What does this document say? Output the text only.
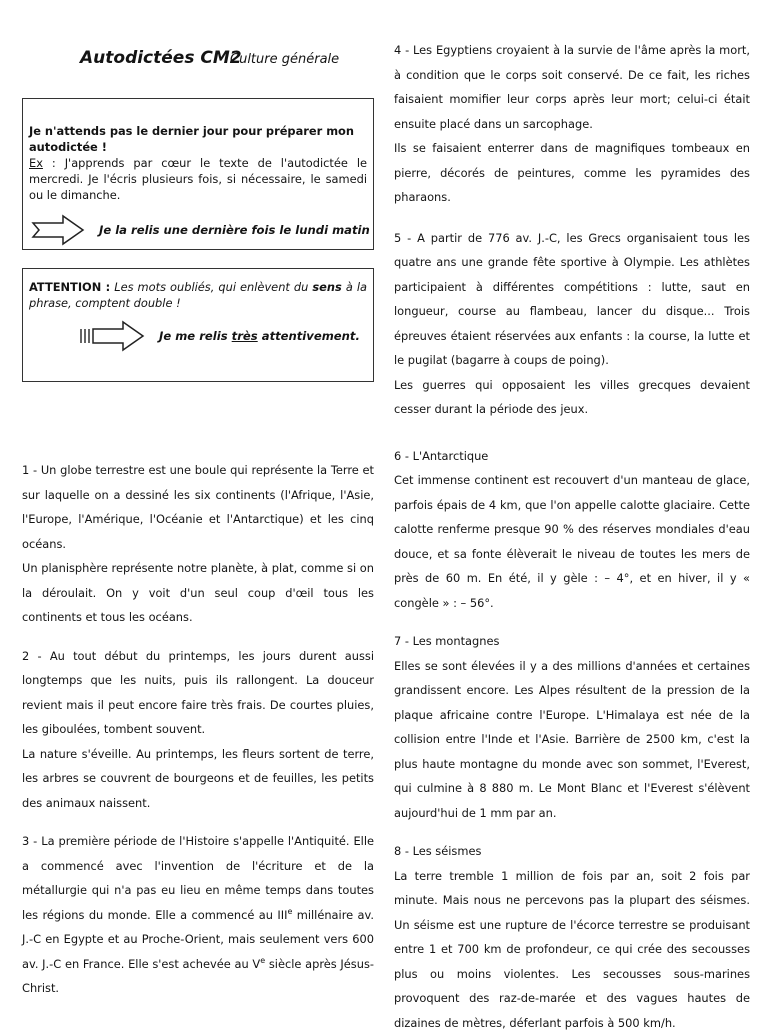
Autodictées CM2
Culture générale
Je n'attends pas le dernier jour pour préparer mon autodictée !
Ex : J'apprends par cœur le texte de l'autodictée le mercredi. Je l'écris plusieurs fois, si nécessaire, le samedi ou le dimanche.
Je la relis une dernière fois le lundi matin
ATTENTION : Les mots oubliés, qui enlèvent du sens à la phrase, comptent double !
Je me relis très attentivement.

1 - Un globe terrestre est une boule qui représente la Terre et sur laquelle on a dessiné les six continents (l'Afrique, l'Asie, l'Europe, l'Amérique, l'Océanie et l'Antarctique) et les cinq océans.

Un planisphère représente notre planète, à plat, comme si on la déroulait. On y voit d'un seul coup d'œil tous les continents et tous les océans.

2 - Au tout début du printemps, les jours durent aussi longtemps que les nuits, puis ils rallongent. La douceur revient mais il peut encore faire très frais. De courtes pluies, les giboulées, tombent souvent.

La nature s'éveille. Au printemps, les fleurs sortent de terre, les arbres se couvrent de bourgeons et de feuilles, les petits des animaux naissent.

3 - La première période de l'Histoire s'appelle l'Antiquité. Elle a commencé avec l'invention de l'écriture et de la métallurgie qui n'a pas eu lieu en même temps dans toutes les régions du monde. Elle a commencé au IIIe millénaire av. J.-C en Egypte et au Proche-Orient, mais seulement vers 600 av. J.-C en France. Elle s'est achevée au Ve siècle après Jésus-Christ.

4 - Les Egyptiens croyaient à la survie de l'âme après la mort, à condition que le corps soit conservé. De ce fait, les riches faisaient momifier leur corps après leur mort; celui-ci était ensuite placé dans un sarcophage.

Ils se faisaient enterrer dans de magnifiques tombeaux en pierre, décorés de peintures, comme les pyramides des pharaons.

5 - A partir de 776 av. J.-C, les Grecs organisaient tous les quatre ans une grande fête sportive à Olympie. Les athlètes participaient à différentes compétitions : lutte, saut en longueur, course au flambeau, lancer du disque... Trois épreuves étaient réservées aux enfants : la course, la lutte et le pugilat (bagarre à coups de poing).

Les guerres qui opposaient les villes grecques devaient cesser durant la période des jeux.

6 - L'Antarctique

Cet immense continent est recouvert d'un manteau de glace, parfois épais de 4 km, que l'on appelle calotte glaciaire. Cette calotte renferme presque 90 % des réserves mondiales d'eau douce, et sa fonte élèverait le niveau de toutes les mers de près de 60 m. En été, il y gèle : – 4°, et en hiver, il y « congèle » : – 56°.

7 - Les montagnes

Elles se sont élevées il y a des millions d'années et certaines grandissent encore. Les Alpes résultent de la pression de la plaque africaine contre l'Europe. L'Himalaya est née de la collision entre l'Inde et l'Asie. Barrière de 2500 km, c'est la plus haute montagne du monde avec son sommet, l'Everest, qui culmine à 8 880 m. Le Mont Blanc et l'Everest s'élèvent aujourd'hui de 1 mm par an.

8 - Les séismes

La terre tremble 1 million de fois par an, soit 2 fois par minute. Mais nous ne percevons pas la plupart des séismes. Un séisme est une rupture de l'écorce terrestre se produisant entre 1 et 700 km de profondeur, ce qui crée des secousses plus ou moins violentes. Les secousses sous-marines provoquent des raz-de-marée et des vagues hautes de dizaines de mètres, déferlant parfois à 500 km/h.
